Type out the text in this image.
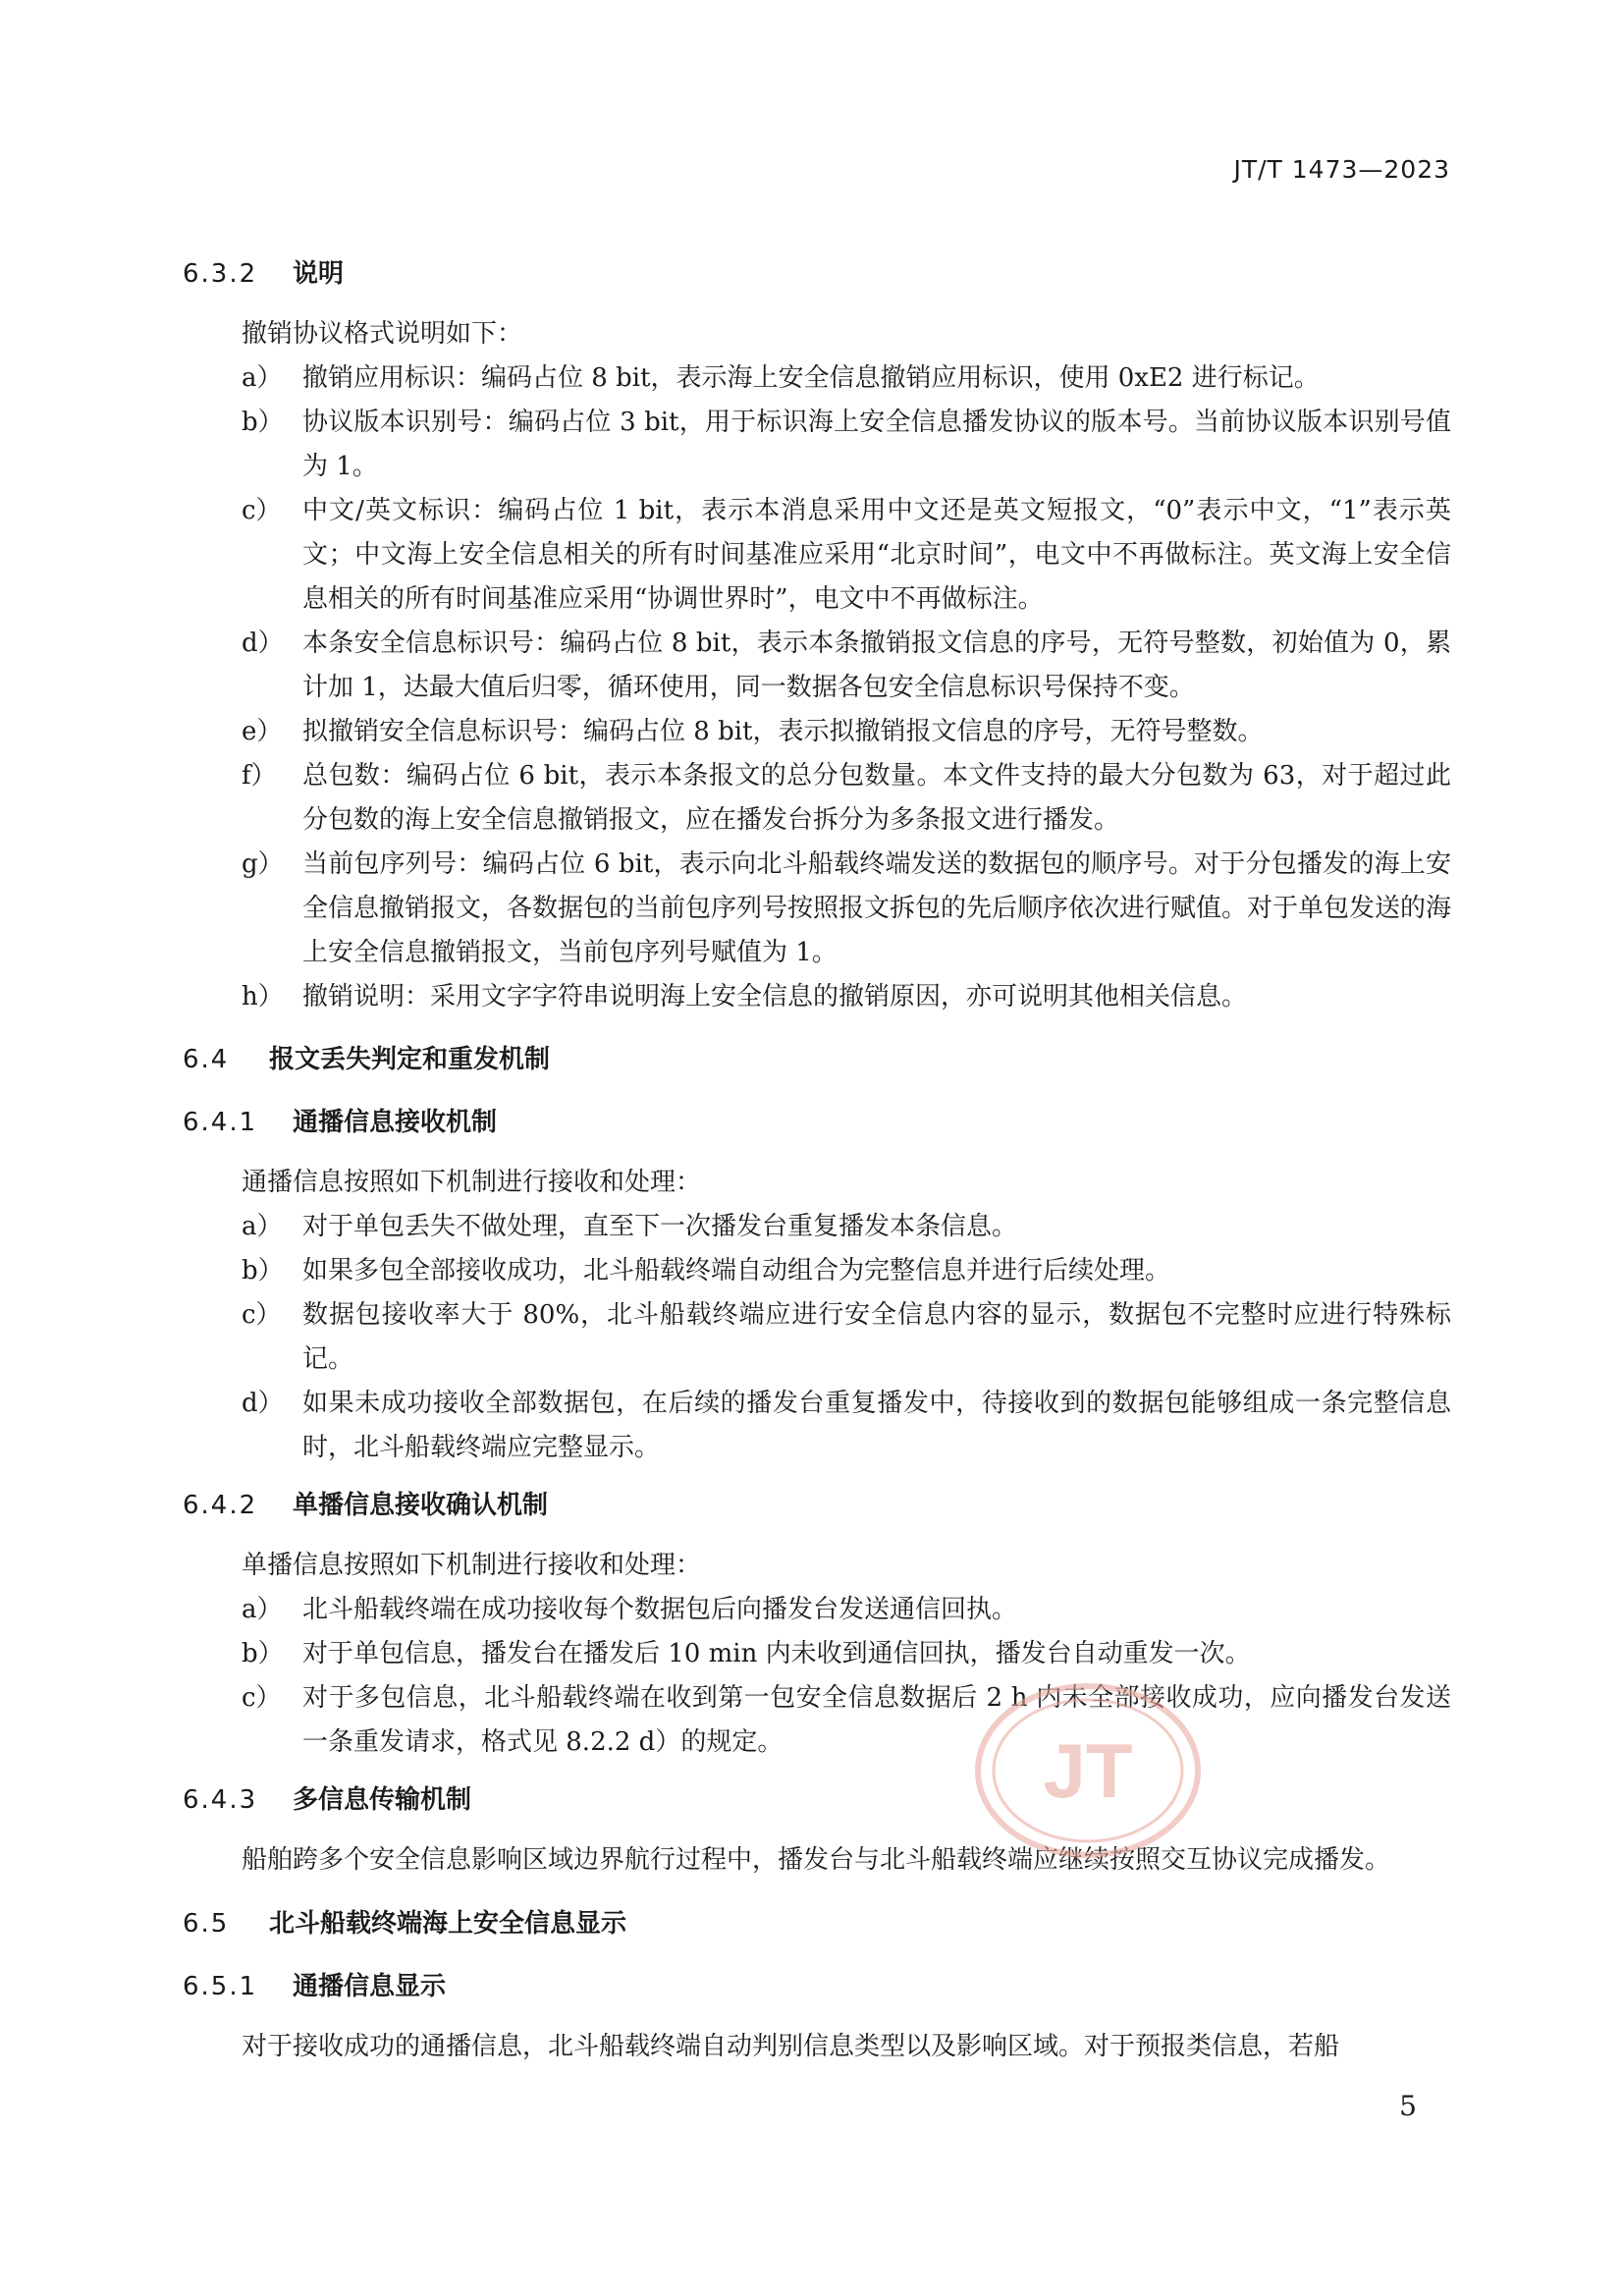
JT/T 1473—2023
6.3.2 说明
撤销协议格式说明如下：
a） 撤销应用标识：编码占位 8 bit，表示海上安全信息撤销应用标识，使用 0xE2 进行标记。
b） 协议版本识别号：编码占位 3 bit，用于标识海上安全信息播发协议的版本号。当前协议版本识别号值为 1。
c） 中文/英文标识：编码占位 1 bit，表示本消息采用中文还是英文短报文，“0”表示中文，“1”表示英文；中文海上安全信息相关的所有时间基准应采用“北京时间”，电文中不再做标注。英文海上安全信息相关的所有时间基准应采用“协调世界时”，电文中不再做标注。
d） 本条安全信息标识号：编码占位 8 bit，表示本条撤销报文信息的序号，无符号整数，初始值为 0，累计加 1，达最大值后归零，循环使用，同一数据各包安全信息标识号保持不变。
e） 拟撤销安全信息标识号：编码占位 8 bit，表示拟撤销报文信息的序号，无符号整数。
f）	总包数：编码占位 6 bit，表示本条报文的总分包数量。本文件支持的最大分包数为 63，对于超过此分包数的海上安全信息撤销报文，应在播发台拆分为多条报文进行播发。
g） 当前包序列号：编码占位 6 bit，表示向北斗船载终端发送的数据包的顺序号。对于分包播发的海上安全信息撤销报文，各数据包的当前包序列号按照报文拆包的先后顺序依次进行赋值。对于单包发送的海上安全信息撤销报文，当前包序列号赋值为 1。
h） 撤销说明：采用文字字符串说明海上安全信息的撤销原因，亦可说明其他相关信息。
6.4 报文丢失判定和重发机制
6.4.1 通播信息接收机制
通播信息按照如下机制进行接收和处理：
a） 对于单包丢失不做处理，直至下一次播发台重复播发本条信息。
b） 如果多包全部接收成功，北斗船载终端自动组合为完整信息并进行后续处理。
c） 数据包接收率大于 80%，北斗船载终端应进行安全信息内容的显示，数据包不完整时应进行特殊标记。
d） 如果未成功接收全部数据包，在后续的播发台重复播发中，待接收到的数据包能够组成一条完整信息时，北斗船载终端应完整显示。
6.4.2 单播信息接收确认机制
单播信息按照如下机制进行接收和处理：
a） 北斗船载终端在成功接收每个数据包后向播发台发送通信回执。
b） 对于单包信息，播发台在播发后 10 min 内未收到通信回执，播发台自动重发一次。
c） 对于多包信息，北斗船载终端在收到第一包安全信息数据后 2 h 内未全部接收成功，应向播发台发送一条重发请求，格式见 8.2.2 d）的规定。
6.4.3 多信息传输机制
船舶跨多个安全信息影响区域边界航行过程中，播发台与北斗船载终端应继续按照交互协议完成播发。
6.5 北斗船载终端海上安全信息显示
6.5.1 通播信息显示
对于接收成功的通播信息，北斗船载终端自动判别信息类型以及影响区域。对于预报类信息，若船
JT
5
